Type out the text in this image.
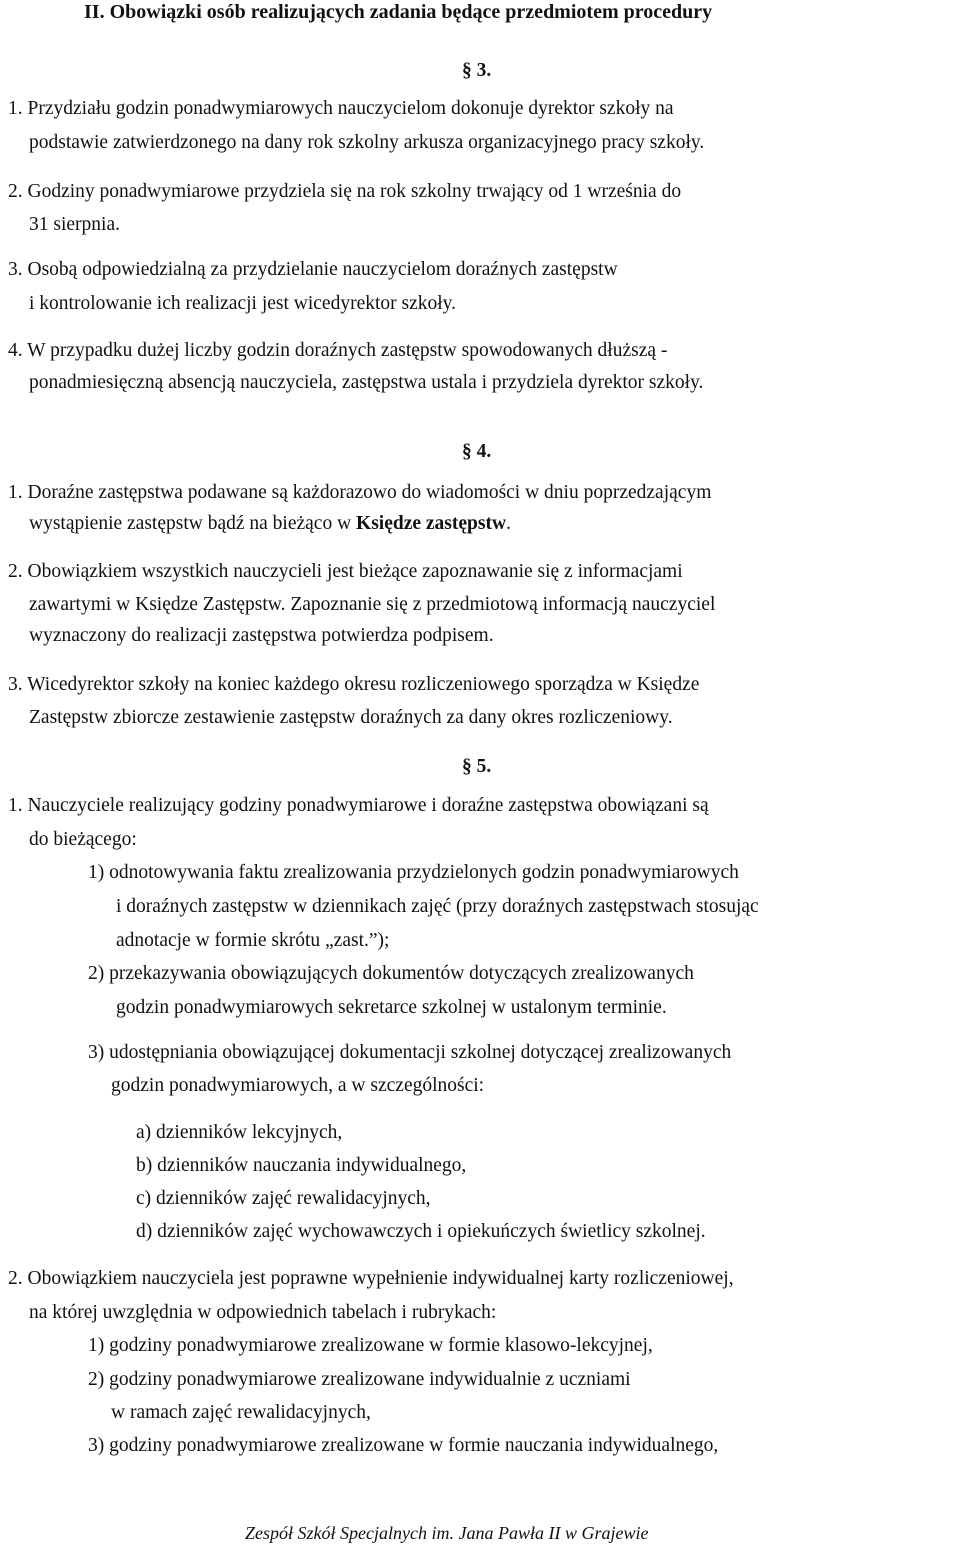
II. Obowiązki osób realizujących zadania będące przedmiotem procedury
§ 3.
1. Przydziału godzin ponadwymiarowych nauczycielom dokonuje dyrektor szkoły na
podstawie zatwierdzonego na dany rok szkolny arkusza organizacyjnego pracy szkoły.
2. Godziny ponadwymiarowe przydziela się na rok szkolny trwający od 1 września do
31 sierpnia.
3. Osobą odpowiedzialną za przydzielanie nauczycielom doraźnych zastępstw
i kontrolowanie ich realizacji jest wicedyrektor szkoły.
4. W przypadku dużej liczby godzin doraźnych zastępstw spowodowanych dłuższą -
ponadmiesięczną absencją nauczyciela, zastępstwa ustala i przydziela dyrektor szkoły.
§ 4.
1. Doraźne zastępstwa podawane są każdorazowo do wiadomości w dniu poprzedzającym
wystąpienie zastępstw bądź na bieżąco w Księdze zastępstw.
2. Obowiązkiem wszystkich nauczycieli jest bieżące zapoznawanie się z informacjami
zawartymi w Księdze Zastępstw. Zapoznanie się z przedmiotową informacją nauczyciel
wyznaczony do realizacji zastępstwa potwierdza podpisem.
3. Wicedyrektor szkoły na koniec każdego okresu rozliczeniowego sporządza w Księdze
Zastępstw zbiorcze zestawienie zastępstw doraźnych za dany okres rozliczeniowy.
§ 5.
1. Nauczyciele realizujący godziny ponadwymiarowe i doraźne zastępstwa obowiązani są
do bieżącego:
1) odnotowywania faktu zrealizowania przydzielonych godzin ponadwymiarowych
i doraźnych zastępstw w dziennikach zajęć (przy doraźnych zastępstwach stosując
adnotacje w formie skrótu „zast.”);
2) przekazywania obowiązujących dokumentów dotyczących zrealizowanych
godzin ponadwymiarowych sekretarce szkolnej w ustalonym terminie.
3) udostępniania obowiązującej dokumentacji szkolnej dotyczącej zrealizowanych
godzin ponadwymiarowych, a w szczególności:
a) dzienników lekcyjnych,
b) dzienników nauczania indywidualnego,
c) dzienników zajęć rewalidacyjnych,
d) dzienników zajęć wychowawczych i opiekuńczych świetlicy szkolnej.
2. Obowiązkiem nauczyciela jest poprawne wypełnienie indywidualnej karty rozliczeniowej,
na której uwzględnia w odpowiednich tabelach i rubrykach:
1) godziny ponadwymiarowe zrealizowane w formie klasowo-lekcyjnej,
2) godziny ponadwymiarowe zrealizowane indywidualnie z uczniami
w ramach zajęć rewalidacyjnych,
3) godziny ponadwymiarowe zrealizowane w formie nauczania indywidualnego,
Zespół Szkół Specjalnych im. Jana Pawła II w Grajewie
